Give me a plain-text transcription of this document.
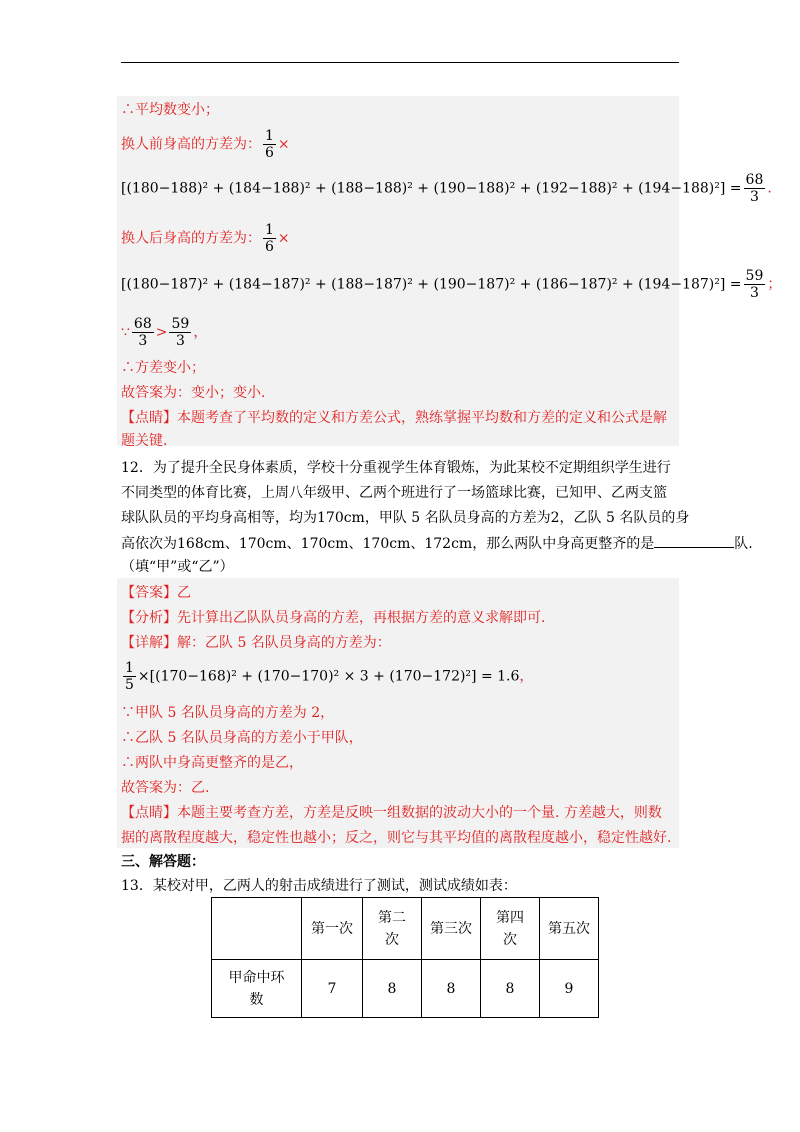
∴平均数变小；
换人前身高的方差为： $\frac{1}{6}$ ×
$[(180-188)^2 + (184-188)^2 + (188-188)^2 + (190-188)^2 + (192-188)^2 + (194-188)^2] = \frac{68}{3}$ .
换人后身高的方差为： $\frac{1}{6}$ ×
$[(180-187)^2 + (184-187)^2 + (188-187)^2 + (190-187)^2 + (186-187)^2 + (194-187)^2] = \frac{59}{3}$ ；
∵ $\frac{68}{3} > \frac{59}{3}$ ，
∴方差变小；
故答案为：变小；变小.
【点睛】本题考查了平均数的定义和方差公式，熟练掌握平均数和方差的定义和公式是解
题关键.
12．为了提升全民身体素质，学校十分重视学生体育锻炼，为此某校不定期组织学生进行
不同类型的体育比赛，上周八年级甲、乙两个班进行了一场篮球比赛，已知甲、乙两支篮
球队队员的平均身高相等，均为170cm，甲队 5 名队员身高的方差为2，乙队 5 名队员的身
高依次为168cm、170cm、170cm、170cm、172cm，那么两队中身高更整齐的是	队.
（填“甲”或“乙”）
【答案】乙
【分析】先计算出乙队队员身高的方差，再根据方差的意义求解即可.
【详解】解：乙队 5 名队员身高的方差为：
$\frac{1}{5} \times[(170-168)^2 + (170-170)^2 \times 3 + (170-172)^2] = 1.6$，
∵甲队 5 名队员身高的方差为 2，
∴乙队 5 名队员身高的方差小于甲队，
∴两队中身高更整齐的是乙，
故答案为：乙.
【点睛】本题主要考查方差，方差是反映一组数据的波动大小的一个量. 方差越大，则数
据的离散程度越大，稳定性也越小；反之，则它与其平均值的离散程度越小，稳定性越好.
三、解答题：
13．某校对甲，乙两人的射击成绩进行了测试，测试成绩如表：
	第一次	第二
次	第三次	第四
次	第五次
甲命中环
数	7	8	8	8	9
